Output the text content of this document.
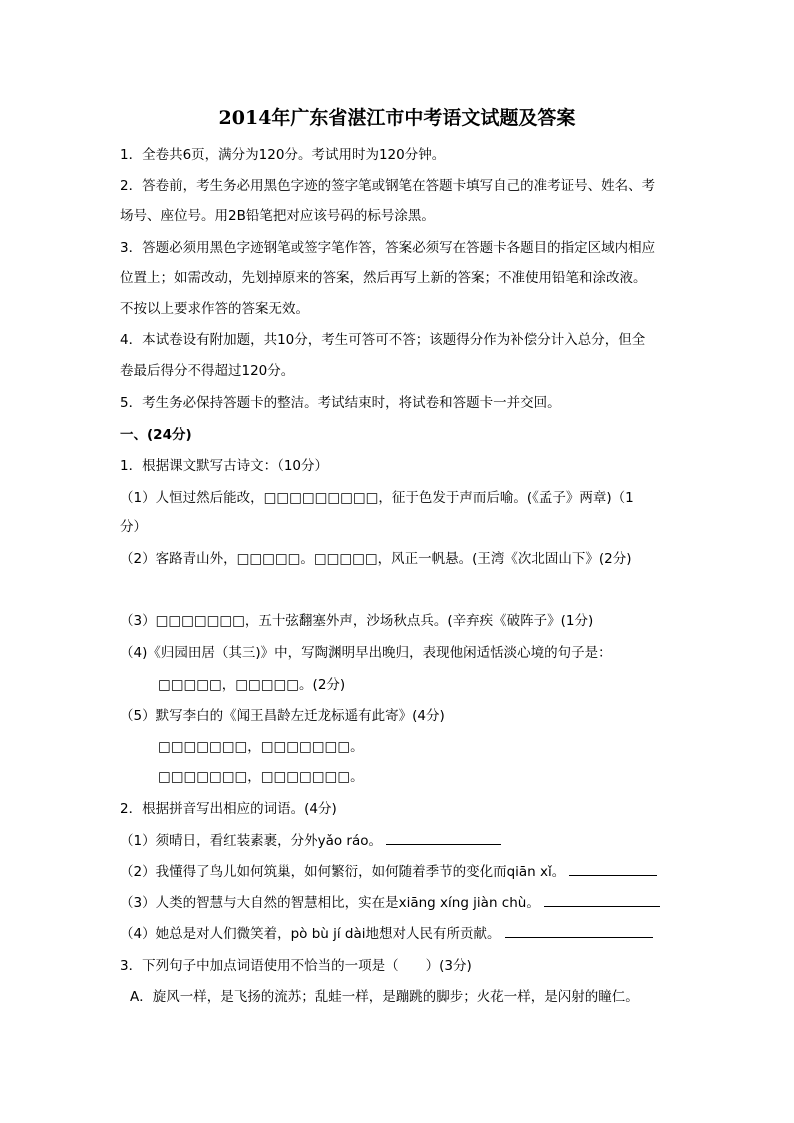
2014年广东省湛江市中考语文试题及答案
1．全卷共6页，满分为120分。考试用时为120分钟。
2．答卷前，考生务必用黑色字迹的签字笔或钢笔在答题卡填写自己的准考证号、姓名、考
场号、座位号。用2B铅笔把对应该号码的标号涂黑。
3．答题必须用黑色字迹钢笔或签字笔作答，答案必须写在答题卡各题目的指定区域内相应
位置上；如需改动，先划掉原来的答案，然后再写上新的答案；不准使用铅笔和涂改液。
不按以上要求作答的答案无效。
4．本试卷设有附加题，共10分，考生可答可不答；该题得分作为补偿分计入总分，但全
卷最后得分不得超过120分。
5．考生务必保持答题卡的整洁。考试结束时，将试卷和答题卡一并交回。
一、(24分)
1．根据课文默写古诗文：（10分）
（1）人恒过然后能改，□□□□□□□□□，征于色发于声而后喻。(《孟子》两章)（1
分）
（2）客路青山外，□□□□□。□□□□□，风正一帆悬。(王湾《次北固山下》(2分)
（3）□□□□□□□，五十弦翻塞外声，沙场秋点兵。(辛弃疾《破阵子》(1分)
（4)《归园田居（其三)》中，写陶渊明早出晚归，表现他闲适恬淡心境的句子是：
□□□□□，□□□□□。(2分)
（5）默写李白的《闻王昌龄左迁龙标遥有此寄》(4分)
□□□□□□□，□□□□□□□。
□□□□□□□，□□□□□□□。
2．根据拼音写出相应的词语。(4分)
（1）须晴日，看红装素裹，分外yǎo ráo。
（2）我懂得了鸟儿如何筑巢，如何繁衍，如何随着季节的变化而qiān xǐ。
（3）人类的智慧与大自然的智慧相比，实在是xiāng xíng jiàn chù。
（4）她总是对人们微笑着，pò bù jí dài地想对人民有所贡献。
3．下列句子中加点词语使用不恰当的一项是（　　）(3分)
A．旋风一样，是飞扬的流苏；乱蛙一样，是蹦跳的脚步；火花一样，是闪射的瞳仁。
